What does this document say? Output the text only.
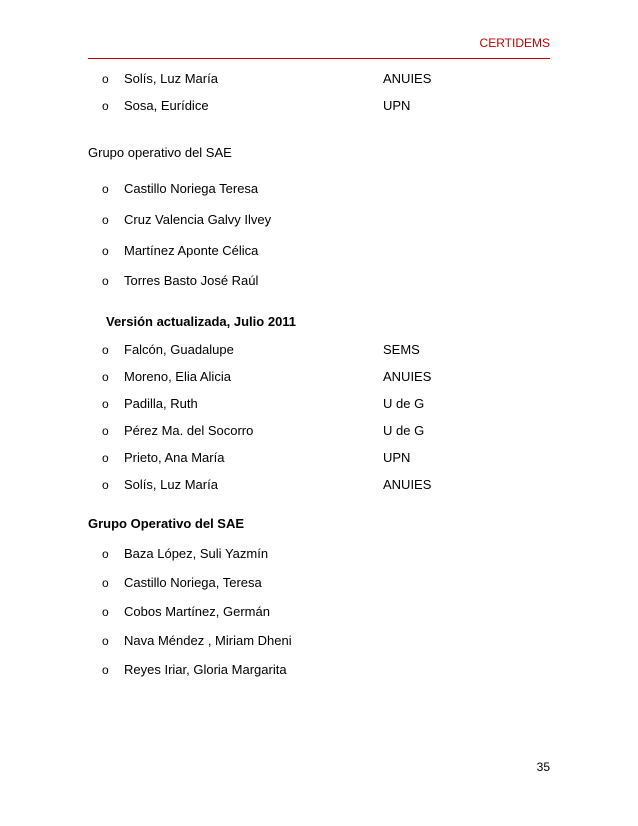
CERTIDEMS
o Solís, Luz María	ANUIES
o Sosa, Eurídice	UPN
Grupo operativo del SAE
o Castillo Noriega Teresa
o Cruz Valencia Galvy Ilvey
o Martínez Aponte Célica
o Torres Basto José Raúl
Versión actualizada, Julio 2011
o Falcón, Guadalupe	SEMS
o Moreno, Elia Alicia	ANUIES
o Padilla, Ruth	U de G
o Pérez Ma. del Socorro	U de G
o Prieto, Ana María	UPN
o Solís, Luz María	ANUIES
Grupo Operativo del SAE
o Baza López, Suli Yazmín
o Castillo Noriega, Teresa
o Cobos Martínez, Germán
o Nava Méndez , Miriam Dheni
o Reyes Iriar, Gloria Margarita
35
